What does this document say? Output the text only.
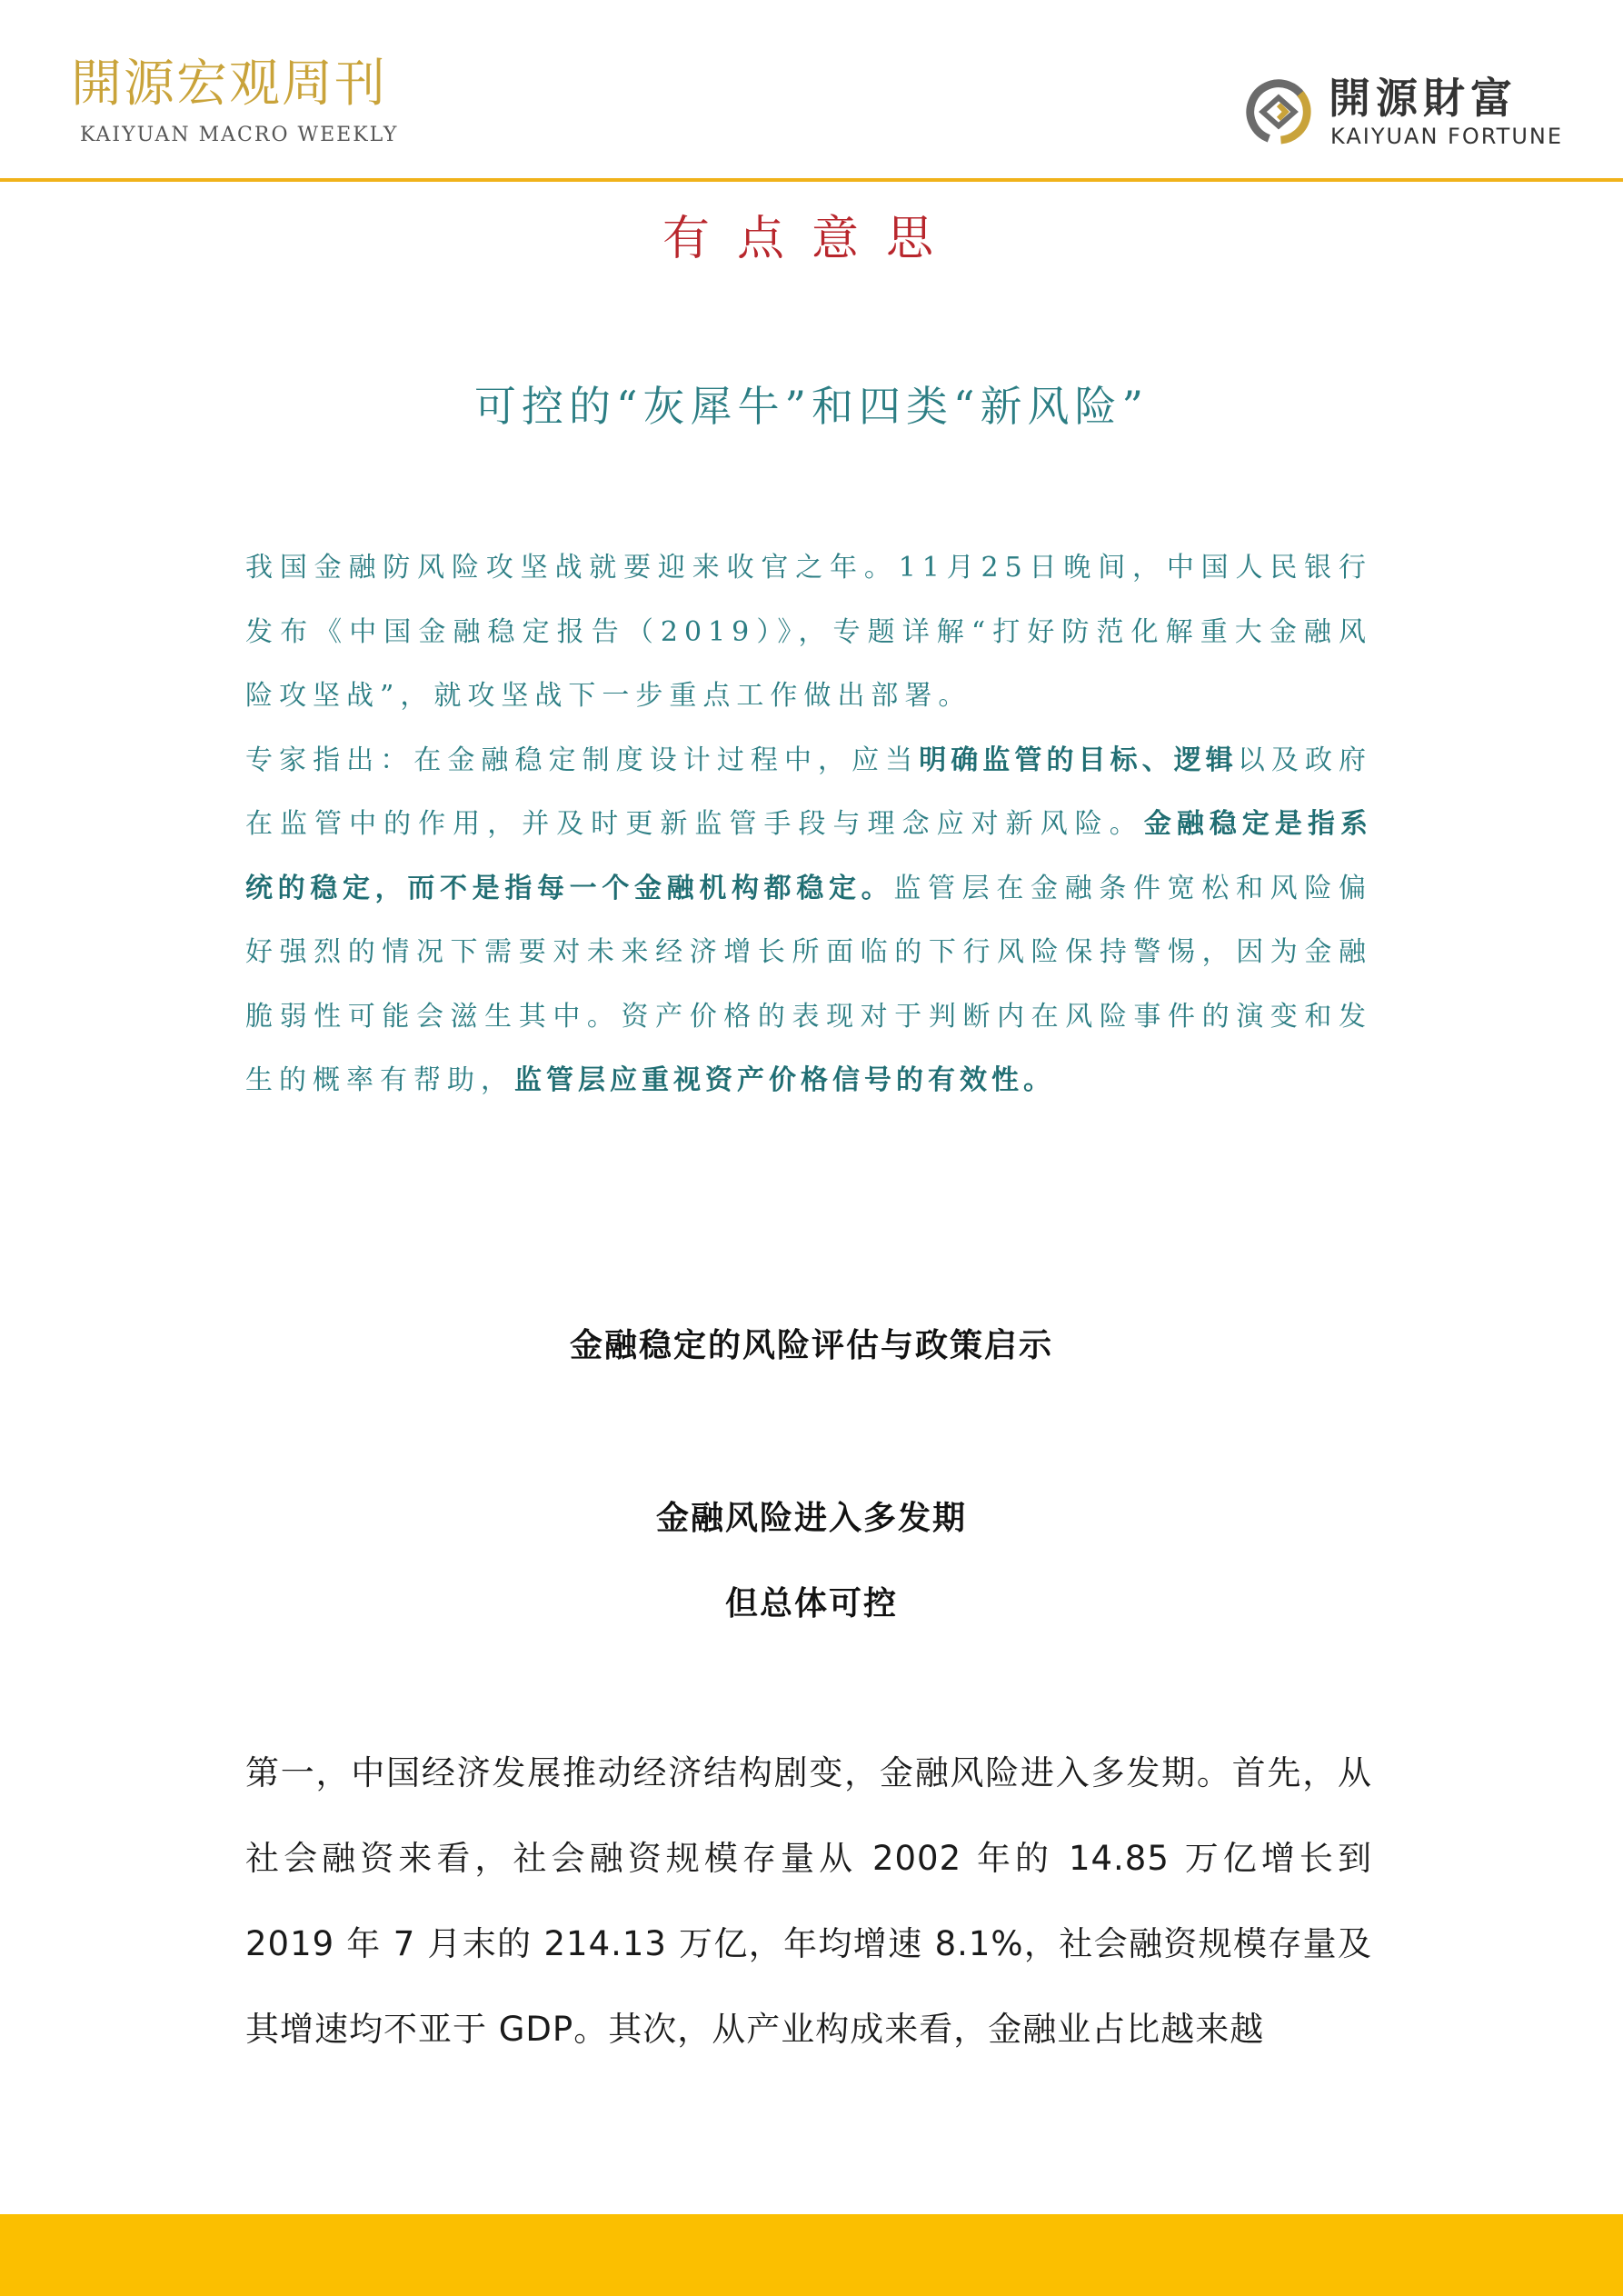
開源宏观周刊
KAIYUAN MACRO WEEKLY
開源財富
KAIYUAN FORTUNE
有点意思
可控的“灰犀牛”和四类“新风险”

我国金融防风险攻坚战就要迎来收官之年。11月25日晚间，中国人民银行发布《中国金融稳定报告（2019）》，专题详解“打好防范化解重大金融风险攻坚战”，就攻坚战下一步重点工作做出部署。

专家指出：在金融稳定制度设计过程中，应当明确监管的目标、逻辑以及政府在监管中的作用，并及时更新监管手段与理念应对新风险。金融稳定是指系统的稳定，而不是指每一个金融机构都稳定。监管层在金融条件宽松和风险偏好强烈的情况下需要对未来经济增长所面临的下行风险保持警惕，因为金融脆弱性可能会滋生其中。资产价格的表现对于判断内在风险事件的演变和发生的概率有帮助，监管层应重视资产价格信号的有效性。

金融稳定的风险评估与政策启示
金融风险进入多发期
但总体可控

第一，中国经济发展推动经济结构剧变，金融风险进入多发期。首先，从社会融资来看，社会融资规模存量从 2002 年的 14.85 万亿增长到 2019 年 7 月末的 214.13 万亿，年均增速 8.1%，社会融资规模存量及其增速均不亚于 GDP。其次，从产业构成来看，金融业占比越来越
